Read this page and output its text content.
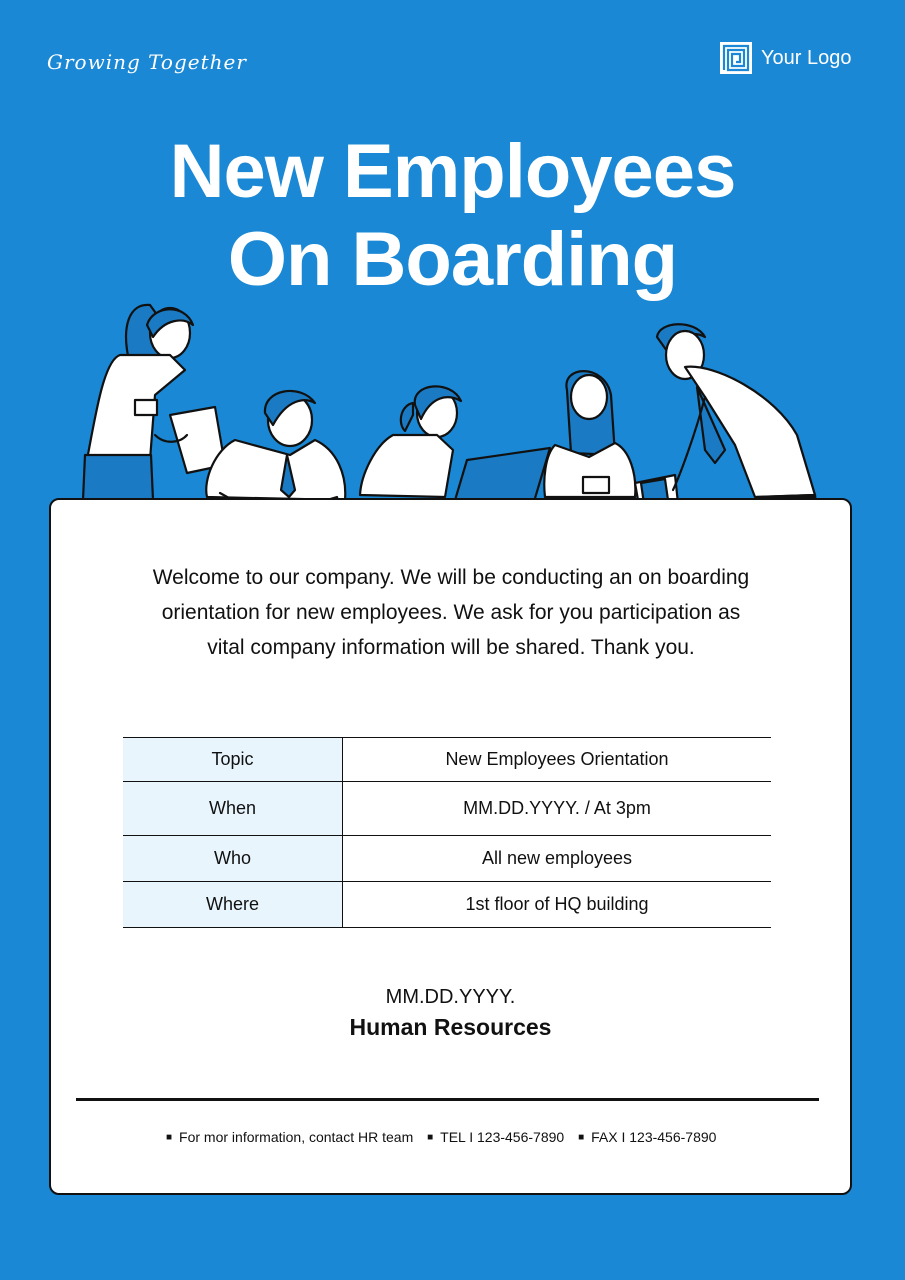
Growing Together	Your Logo
New Employees
On Boarding
Welcome to our company. We will be conducting an on boarding orientation for new employees. We ask for you participation as vital company information will be shared. Thank you.
Topic	New Employees Orientation
When	MM.DD.YYYY. / At 3pm
Who	All new employees
Where	1st floor of HQ building
MM.DD.YYYY.
Human Resources
■ For mor information, contact HR team ■ TEL I 123-456-7890 ■ FAX I 123-456-7890
